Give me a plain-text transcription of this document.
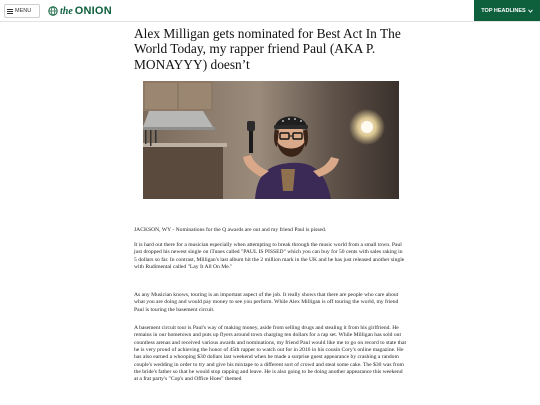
MENU	the ONION	TOP HEADLINES
Alex Milligan gets nominated for Best Act In The World Today, my rapper friend Paul (AKA P. MONAYYY) doesn’t

JACKSON, WY - Nominations for the Q awards are out and my friend Paul is pissed.

It is hard out there for a musician especially when attempting to break through the music world from a small town. Paul just dropped his newest single on iTunes called "PAUL IS PISSED" which you can buy for 50 cents with sales raking in 5 dollars so far. In contrast, Milligan's last album hit the 2 million mark in the UK and he has just released another single with Rudimental called "Lay It All On Me."

As any Musician knows, touring is an important aspect of the job. It really shows that there are people who care about what you are doing and would pay money to see you perform. While Alex Milligan is off touring the world, my friend Paul is touring the basement circuit.

A basement circuit tour is Paul's way of making money, aside from selling drugs and stealing it from his girlfriend. He remains in our hometown and puts up flyers around town charging ten dollars for a rap set. While Milligan has sold out countless arenas and received various awards and nominations, my friend Paul would like me to go on record to state that he is very proud of achieving the honor of 45th rapper to watch out for in 2016 in his cousin Cory's online magazine. He has also earned a whooping $30 dollars last weekend when he made a surprise guest appearance by crashing a random couple's wedding in order to try and give his mixtape to a different sort of crowd and steal some cake. The $30 was from the bride's father so that he would stop rapping and leave. He is also going to be doing another appearance this weekend at a frat party's "Cop's and Office Hoes" themed
